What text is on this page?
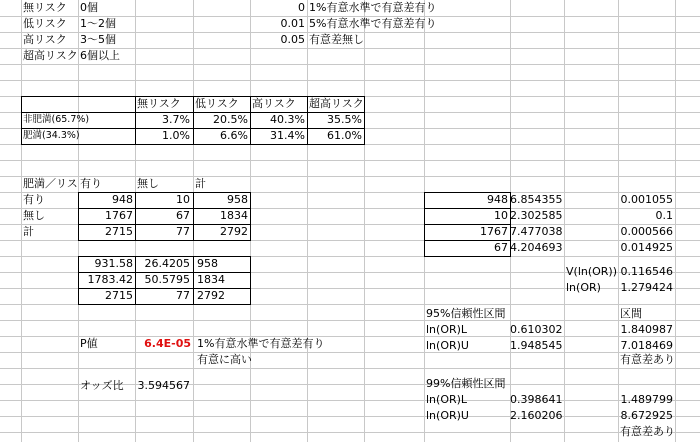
無リスク	0個	0 1%有意水準で有意差有り
低リスク	1～2個	0.01 5%有意水準で有意差有り
高リスク	3～5個	0.05 有意差無し
超高リスク 6個以上
無リスク	低リスク	高リスク	超高リスク
非肥満(65.7%)	3.7%	20.5%	40.3%	35.5%
肥満(34.3%)	1.0%	6.6%	31.4%	61.0%
肥満／リス 有り	無し	計
有り	948	10	958
無し	1767	67	1834
計	2715	77	2792
931.58	26.4205 958
1783.42	50.5795 1834
2715	77 2792
P値	6.4E-05 1%有意水準で有意差有り
有意に高い
オッズ比	3.594567
948 6.854355	0.001055
10 2.302585	0.1
1767 7.477038	0.000566
67 4.204693	0.014925
V(ln(OR)) 0.116546
ln(OR)	1.279424
95%信頼性区間	区間
ln(OR)L	0.610302	1.840987
ln(OR)U	1.948545	7.018469
有意差あり
99%信頼性区間
ln(OR)L	0.398641	1.489799
ln(OR)U	2.160206	8.672925
有意差あり
